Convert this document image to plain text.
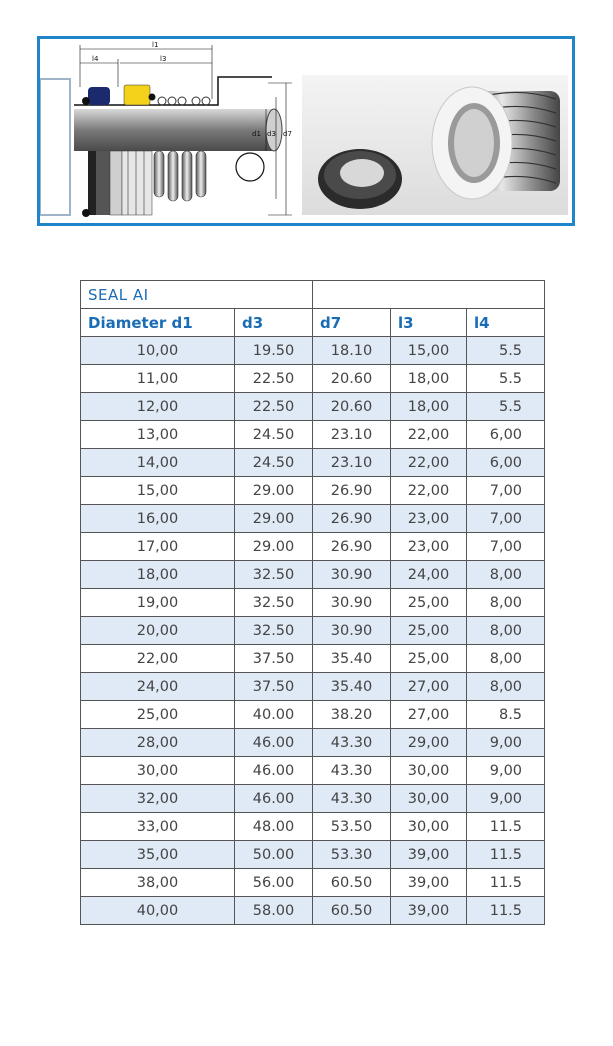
l1
l4	l3
d1 d3 d7
SEAL AI				
Diameter d1	d3	d7	l3	l4
10,00	19.50	18.10	15,00	5.5
11,00	22.50	20.60	18,00	5.5
12,00	22.50	20.60	18,00	5.5
13,00	24.50	23.10	22,00	6,00
14,00	24.50	23.10	22,00	6,00
15,00	29.00	26.90	22,00	7,00
16,00	29.00	26.90	23,00	7,00
17,00	29.00	26.90	23,00	7,00
18,00	32.50	30.90	24,00	8,00
19,00	32.50	30.90	25,00	8,00
20,00	32.50	30.90	25,00	8,00
22,00	37.50	35.40	25,00	8,00
24,00	37.50	35.40	27,00	8,00
25,00	40.00	38.20	27,00	8.5
28,00	46.00	43.30	29,00	9,00
30,00	46.00	43.30	30,00	9,00
32,00	46.00	43.30	30,00	9,00
33,00	48.00	53.50	30,00	11.5
35,00	50.00	53.30	39,00	11.5
38,00	56.00	60.50	39,00	11.5
40,00	58.00	60.50	39,00	11.5
